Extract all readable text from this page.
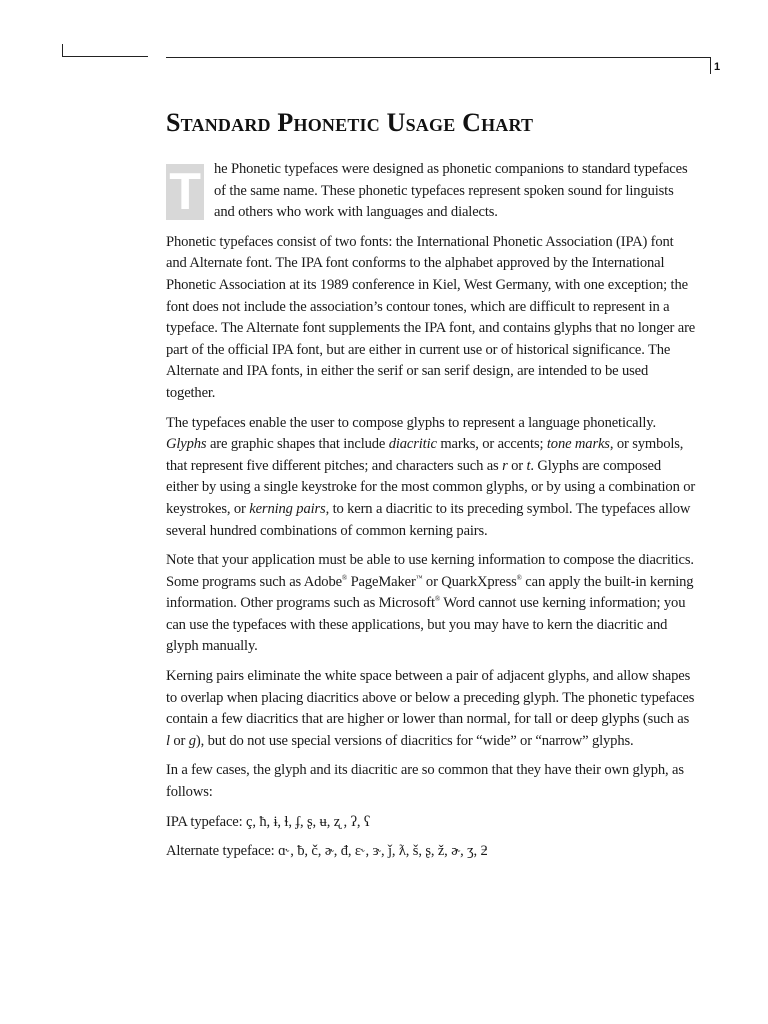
1
Standard Phonetic Usage Chart

T he Phonetic typefaces were designed as phonetic companions to standard typefaces of the same name. These phonetic typefaces represent spoken sound for linguists and others who work with languages and dialects.

Phonetic typefaces consist of two fonts: the International Phonetic Association (IPA) font and Alternate font. The IPA font conforms to the alphabet approved by the International Phonetic Association at its 1989 conference in Kiel, West Germany, with one exception; the font does not include the association’s contour tones, which are difficult to represent in a typeface. The Alternate font supplements the IPA font, and contains glyphs that no longer are part of the official IPA font, but are either in current use or of historical significance. The Alternate and IPA fonts, in either the serif or san serif design, are intended to be used together.

The typefaces enable the user to compose glyphs to represent a language phonetically. Glyphs are graphic shapes that include diacritic marks, or accents; tone marks, or symbols, that represent five different pitches; and characters such as r or t. Glyphs are composed either by using a single keystroke for the most common glyphs, or by using a combination or keystrokes, or kerning pairs, to kern a diacritic to its preceding symbol. The typefaces allow several hundred combinations of common kerning pairs.

Note that your application must be able to use kerning information to compose the diacritics. Some programs such as Adobe® PageMaker™ or QuarkXpress® can apply the built-in kerning information. Other programs such as Microsoft® Word cannot use kerning information; you can use the typefaces with these applications, but you may have to kern the diacritic and glyph manually.

Kerning pairs eliminate the white space between a pair of adjacent glyphs, and allow shapes to overlap when placing diacritics above or below a preceding glyph. The phonetic typefaces contain a few diacritics that are higher or lower than normal, for tall or deep glyphs (such as l or g), but do not use special versions of diacritics for “wide” or “narrow” glyphs.

In a few cases, the glyph and its diacritic are so common that they have their own glyph, as follows:

IPA typeface: ç, ħ, ɨ, ɬ, ʄ, ʂ, ʉ, ʐ , ʔ, ʕ

Alternate typeface: ɑ˞, ƀ, č, ɚ, đ, ɛ˞, ɝ, ǰ, ƛ, š, ʂ, ž, ɚ, ʒ, ƻ
